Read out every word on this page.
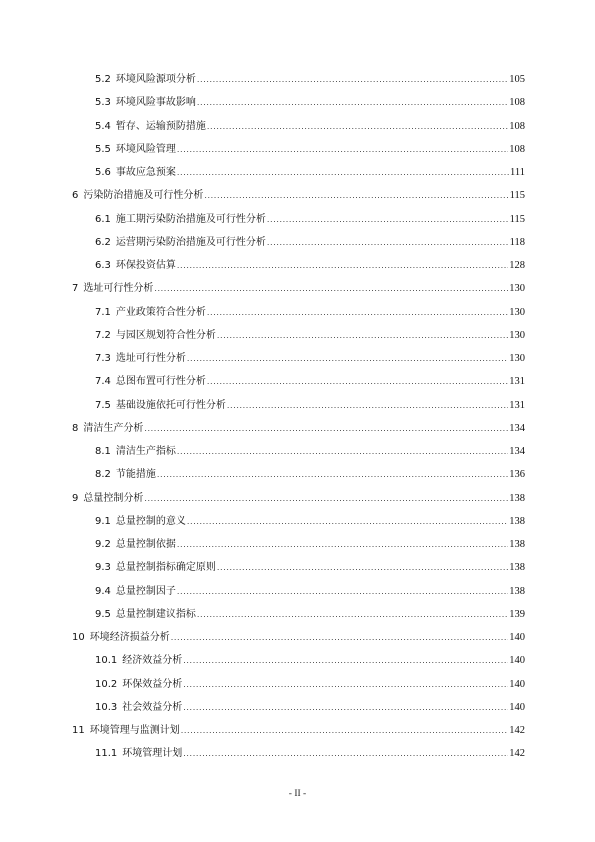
5.2 环境风险源项分析 .....	105
5.3 环境风险事故影响 .....	108
5.4 暂存、运输预防措施 .....	108
5.5 环境风险管理 .....	108
5.6 事故应急预案 .....	111
6 污染防治措施及可行性分析 .....	115
6.1 施工期污染防治措施及可行性分析 .....	115
6.2 运营期污染防治措施及可行性分析 .....	118
6.3 环保投资估算 .....	128
7 选址可行性分析 .....	130
7.1 产业政策符合性分析 .....	130
7.2 与园区规划符合性分析 .....	130
7.3 选址可行性分析 .....	130
7.4 总图布置可行性分析 .....	131
7.5 基础设施依托可行性分析 .....	131
8 清洁生产分析 .....	134
8.1 清洁生产指标 .....	134
8.2 节能措施 .....	136
9 总量控制分析 .....	138
9.1 总量控制的意义 .....	138
9.2 总量控制依据 .....	138
9.3 总量控制指标确定原则 .....	138
9.4 总量控制因子 .....	138
9.5 总量控制建议指标 .....	139
10 环境经济损益分析 .....	140
10.1 经济效益分析 .....	140
10.2 环保效益分析 .....	140
10.3 社会效益分析 .....	140
11 环境管理与监测计划 .....	142
11.1 环境管理计划 .....	142
- II -
